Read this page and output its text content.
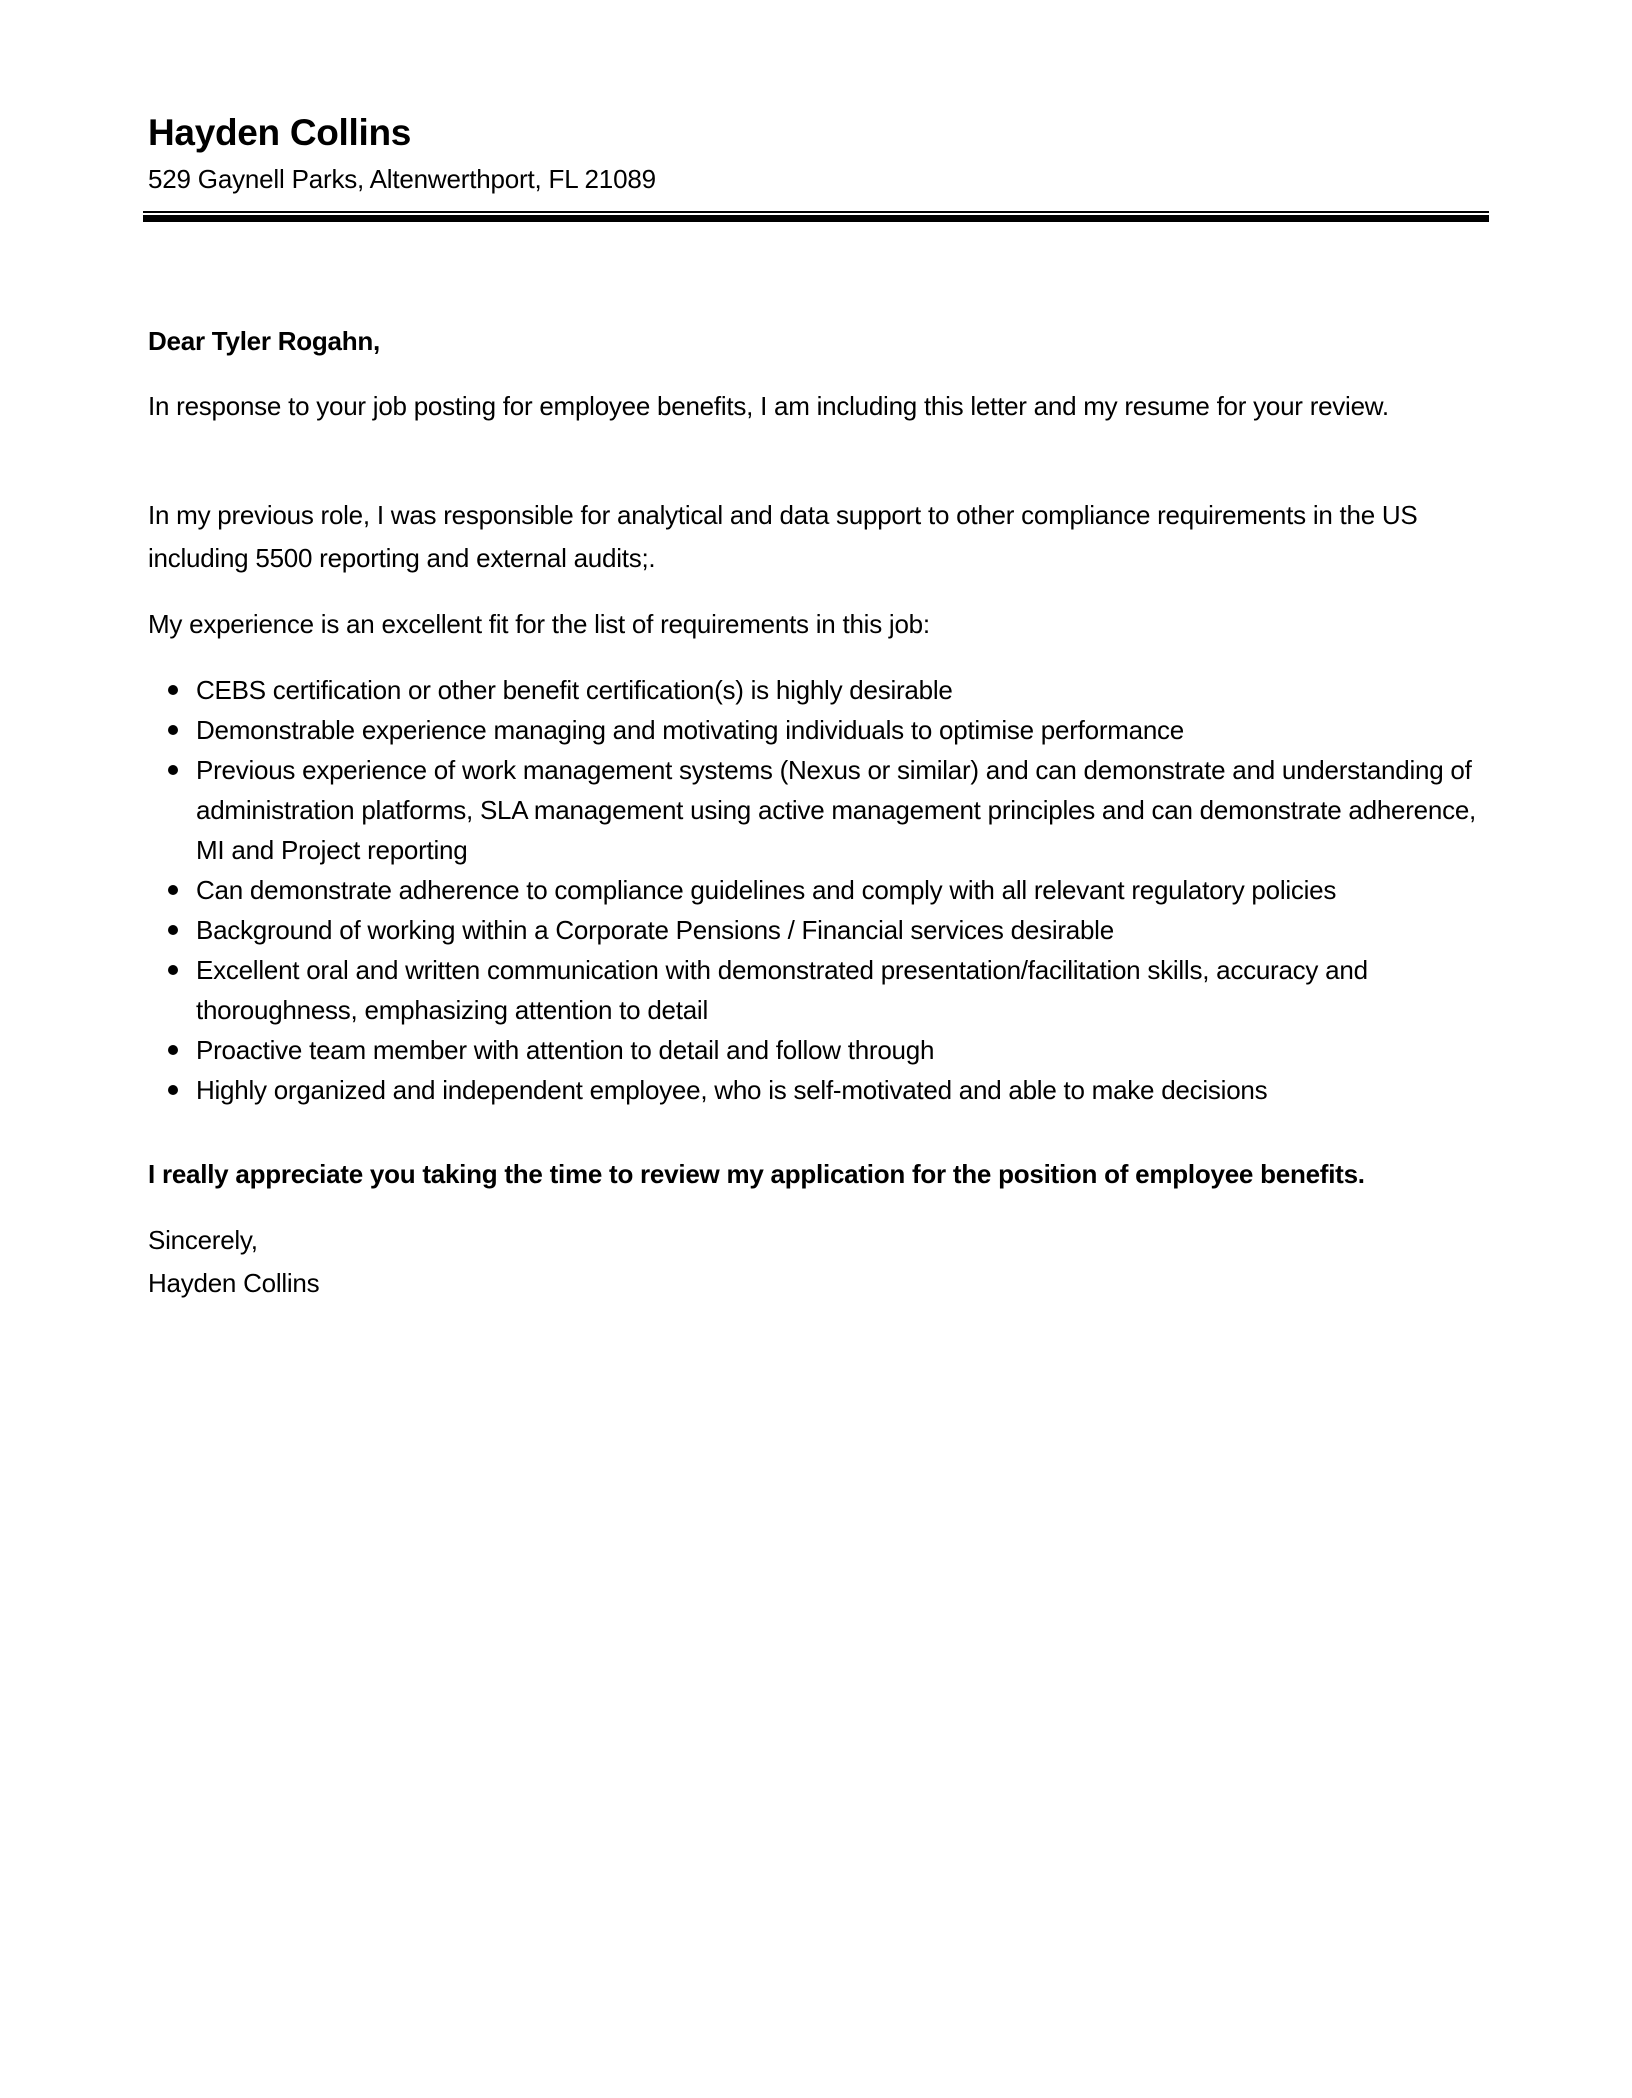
Hayden Collins
529 Gaynell Parks, Altenwerthport, FL 21089
Dear Tyler Rogahn,
In response to your job posting for employee benefits, I am including this letter and my resume for your review.
In my previous role, I was responsible for analytical and data support to other compliance requirements in the US including 5500 reporting and external audits;.
My experience is an excellent fit for the list of requirements in this job:
CEBS certification or other benefit certification(s) is highly desirable
Demonstrable experience managing and motivating individuals to optimise performance
Previous experience of work management systems (Nexus or similar) and can demonstrate and understanding of administration platforms, SLA management using active management principles and can demonstrate adherence, MI and Project reporting
Can demonstrate adherence to compliance guidelines and comply with all relevant regulatory policies
Background of working within a Corporate Pensions / Financial services desirable
Excellent oral and written communication with demonstrated presentation/facilitation skills, accuracy and thoroughness, emphasizing attention to detail
Proactive team member with attention to detail and follow through
Highly organized and independent employee, who is self-motivated and able to make decisions
I really appreciate you taking the time to review my application for the position of employee benefits.
Sincerely,
Hayden Collins
